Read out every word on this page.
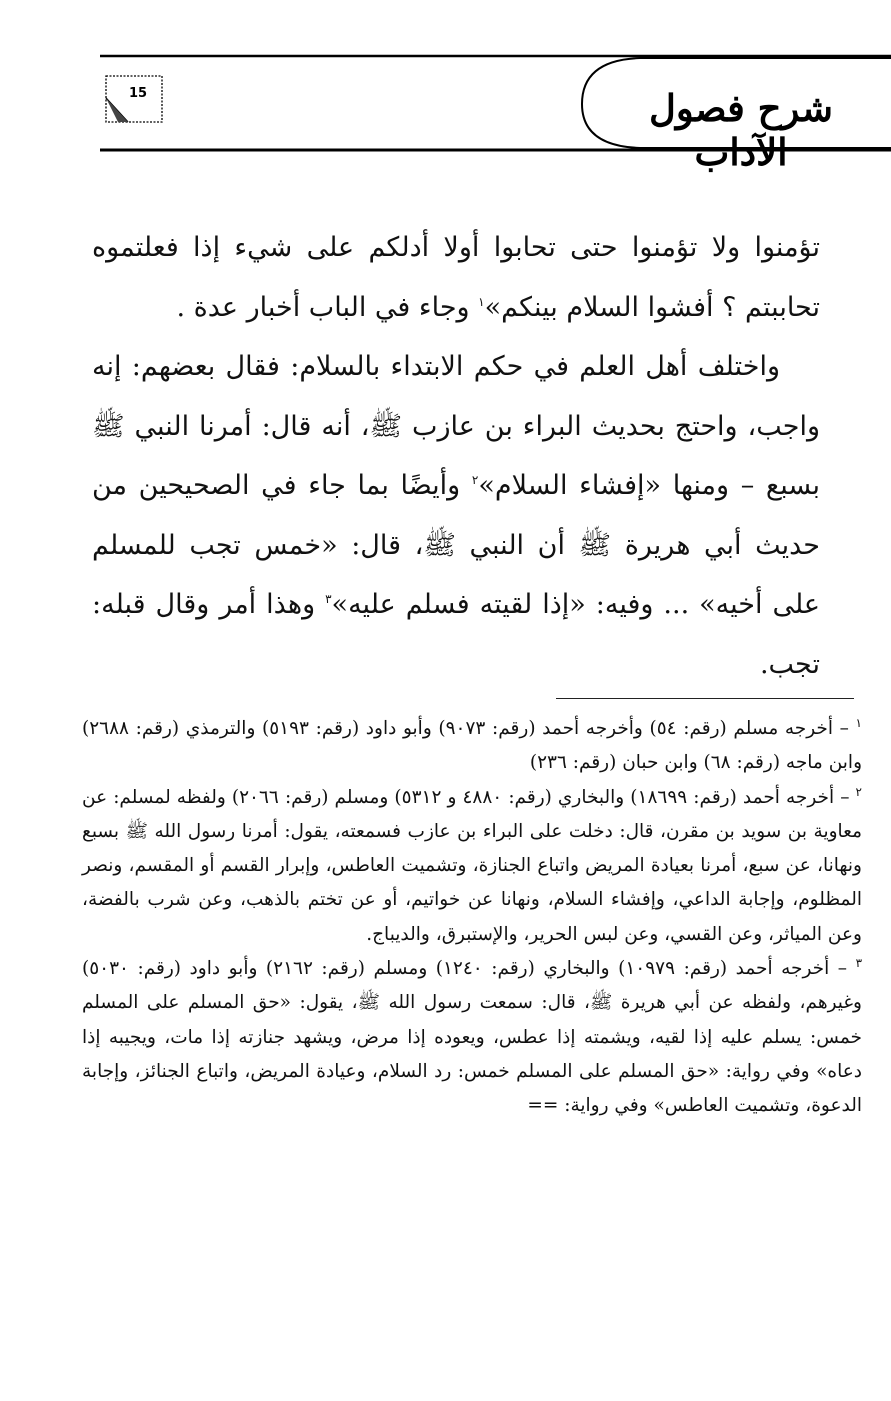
شرح فصول الآداب
15

تؤمنوا ولا تؤمنوا حتى تحابوا أولا أدلكم على شيء إذا فعلتموه تحاببتم ؟ أفشوا السلام بينكم»$^١$ وجاء في الباب أخبار عدة .

واختلف أهل العلم في حكم الابتداء بالسلام: فقال بعضهم: إنه واجب، واحتج بحديث البراء بن عازب ﷺ، أنه قال: أمرنا النبي ﷺ بسبع – ومنها «إفشاء السلام»$^٢$ وأيضًا بما جاء في الصحيحين من حديث أبي هريرة ﷺ أن النبي ﷺ، قال: «خمس تجب للمسلم على أخيه» ... وفيه: «إذا لقيته فسلم عليه»$^٣$ وهذا أمر وقال قبله: تجب.

$^١$ – أخرجه مسلم (رقم: ٥٤) وأخرجه أحمد (رقم: ٩٠٧٣) وأبو داود (رقم: ٥١٩٣) والترمذي (رقم: ٢٦٨٨) وابن ماجه (رقم: ٦٨) وابن حبان (رقم: ٢٣٦)

$^٢$ – أخرجه أحمد (رقم: ١٨٦٩٩) والبخاري (رقم: ٤٨٨٠ و ٥٣١٢) ومسلم (رقم: ٢٠٦٦) ولفظه لمسلم: عن معاوية بن سويد بن مقرن، قال: دخلت على البراء بن عازب فسمعته، يقول: أمرنا رسول الله ﷺ بسبع ونهانا، عن سبع، أمرنا بعيادة المريض واتباع الجنازة، وتشميت العاطس، وإبرار القسم أو المقسم، ونصر المظلوم، وإجابة الداعي، وإفشاء السلام، ونهانا عن خواتيم، أو عن تختم بالذهب، وعن شرب بالفضة، وعن المياثر، وعن القسي، وعن لبس الحرير، والإستبرق، والديباج.

$^٣$ – أخرجه أحمد (رقم: ١٠٩٧٩) والبخاري (رقم: ١٢٤٠) ومسلم (رقم: ٢١٦٢) وأبو داود (رقم: ٥٠٣٠) وغيرهم، ولفظه عن أبي هريرة ﷺ، قال: سمعت رسول الله ﷺ، يقول: «حق المسلم على المسلم خمس: يسلم عليه إذا لقيه، ويشمته إذا عطس، ويعوده إذا مرض، ويشهد جنازته إذا مات، ويجيبه إذا دعاه» وفي رواية: «حق المسلم على المسلم خمس: رد السلام، وعيادة المريض، واتباع الجنائز، وإجابة الدعوة، وتشميت العاطس» وفي رواية: ==
